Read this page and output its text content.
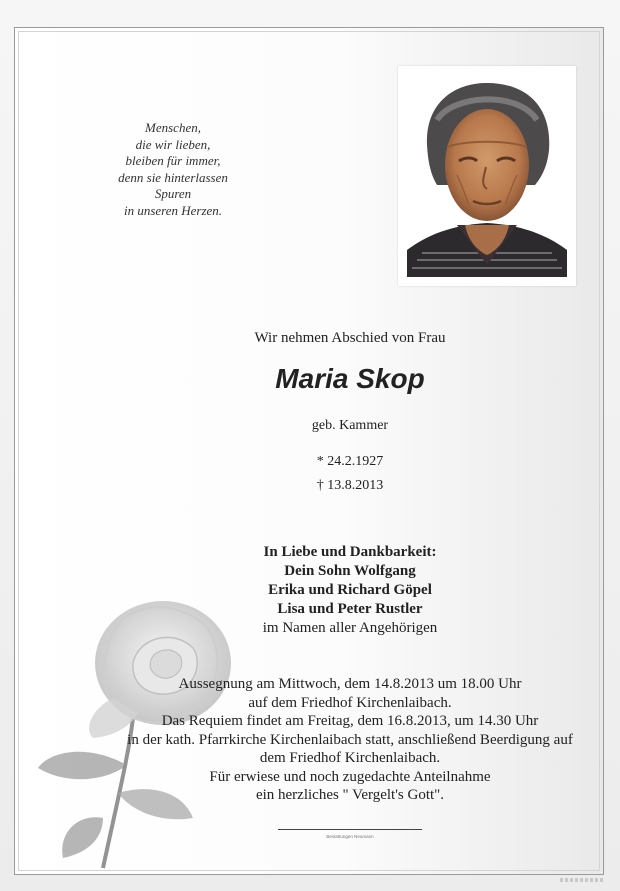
Menschen,
die wir lieben,
bleiben für immer,
denn sie hinterlassen
Spuren
in unseren Herzen.
Wir nehmen Abschied von Frau
Maria Skop
geb. Kammer
* 24.2.1927
† 13.8.2013
In Liebe und Dankbarkeit:
Dein Sohn Wolfgang
Erika und Richard Göpel
Lisa und Peter Rustler
im Namen aller Angehörigen
Aussegnung am Mittwoch, dem 14.8.2013 um 18.00 Uhr
auf dem Friedhof Kirchenlaibach.
Das Requiem findet am Freitag, dem 16.8.2013, um 14.30 Uhr
in der kath. Pfarrkirche Kirchenlaibach statt, anschließend Beerdigung auf
dem Friedhof Kirchenlaibach.
Für erwiese und noch zugedachte Anteilnahme
ein herzliches " Vergelt's Gott".
Bestattungen Neumann
